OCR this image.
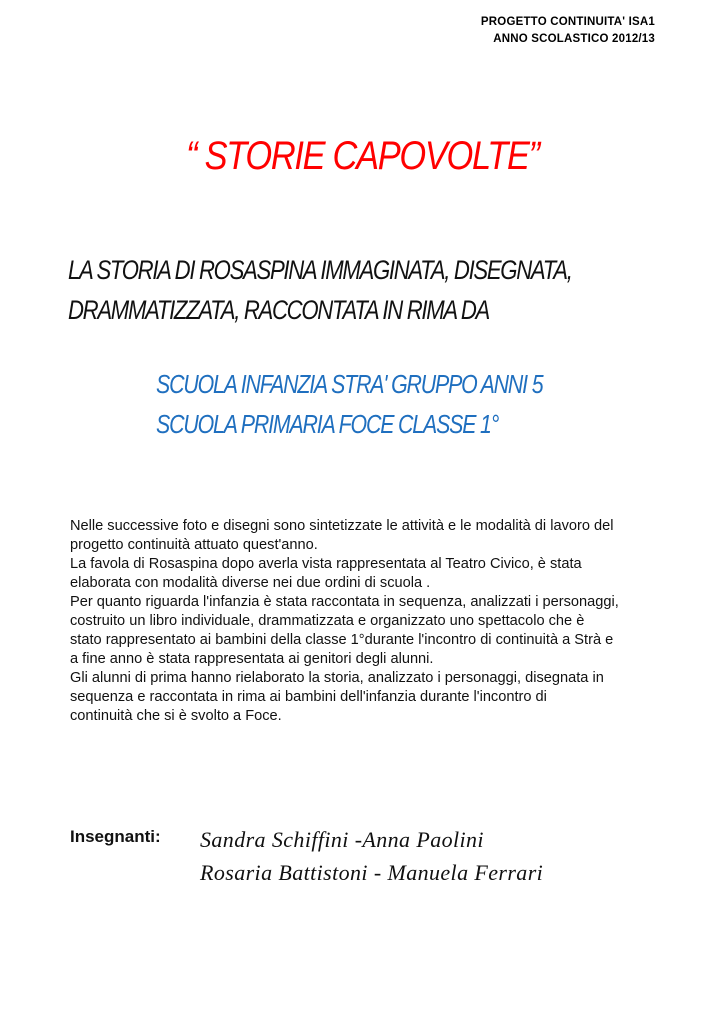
PROGETTO CONTINUITA' ISA1
ANNO SCOLASTICO 2012/13
“ STORIE CAPOVOLTE”
LA STORIA DI ROSASPINA IMMAGINATA, DISEGNATA,
DRAMMATIZZATA, RACCONTATA IN RIMA DA
SCUOLA INFANZIA STRA' GRUPPO ANNI 5
SCUOLA PRIMARIA FOCE CLASSE 1°
Nelle successive foto e disegni sono sintetizzate le attività e le modalità di lavoro del
progetto continuità attuato quest'anno.
La favola di Rosaspina dopo averla vista rappresentata al Teatro Civico, è stata
elaborata con modalità diverse nei due ordini di scuola .
Per quanto riguarda l'infanzia è stata raccontata in sequenza, analizzati i personaggi,
costruito un libro individuale, drammatizzata e organizzato uno spettacolo che è
stato rappresentato ai bambini della classe 1°durante l'incontro di continuità a Strà e
a fine anno è stata rappresentata ai genitori degli alunni.
Gli alunni di prima hanno rielaborato la storia, analizzato i personaggi, disegnata in
sequenza e raccontata in rima ai bambini dell'infanzia durante l'incontro di
continuità che si è svolto a Foce.
Insegnanti: Sandra Schiffini -Anna Paolini
Rosaria Battistoni - Manuela Ferrari
